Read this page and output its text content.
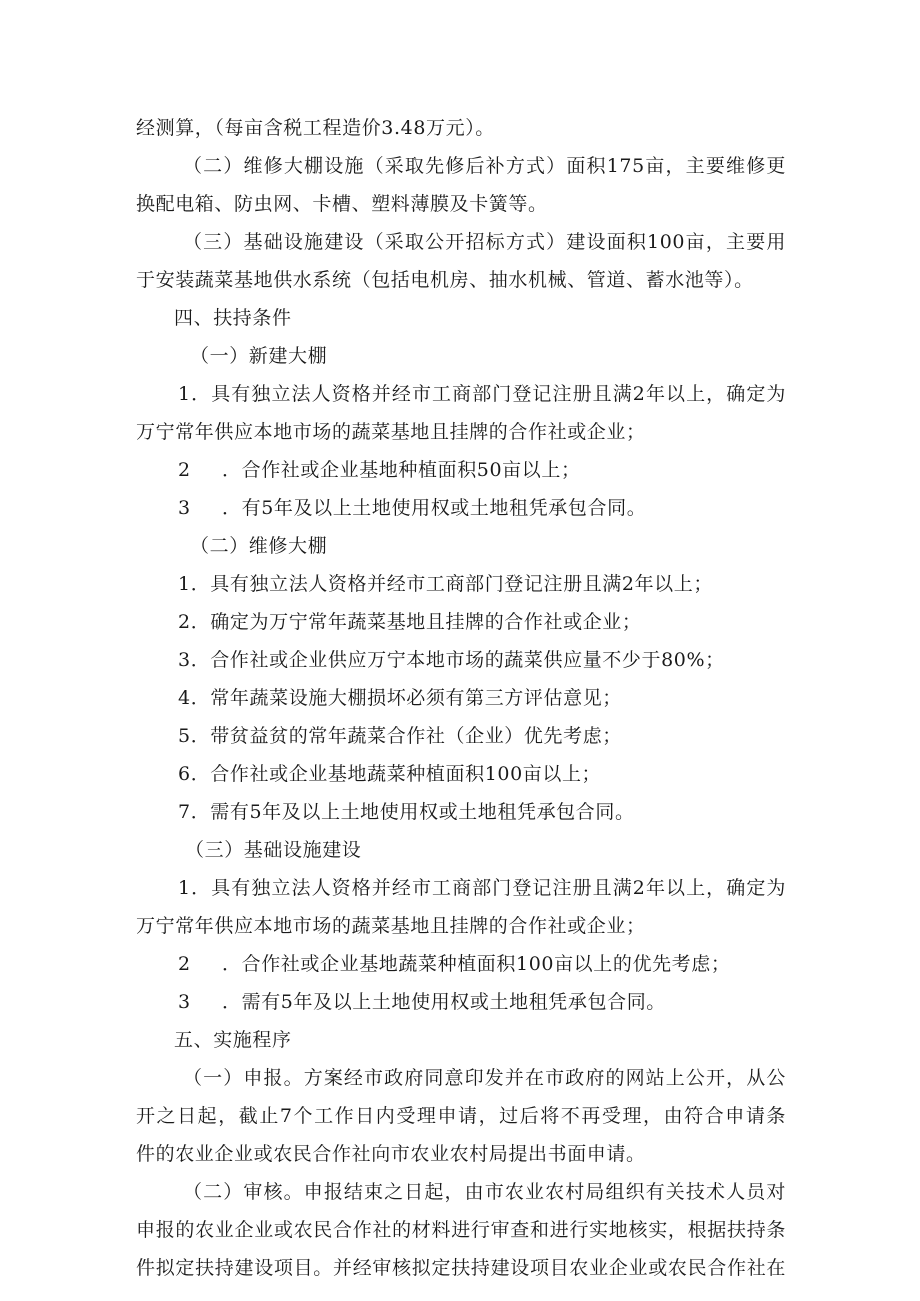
经测算，（每亩含税工程造价3.48万元）。
（二）维修大棚设施（采取先修后补方式）面积175亩，主要维修更
换配电箱、防虫网、卡槽、塑料薄膜及卡簧等。
（三）基础设施建设（采取公开招标方式）建设面积100亩，主要用
于安装蔬菜基地供水系统（包括电机房、抽水机械、管道、蓄水池等）。
四、扶持条件
（一）新建大棚
1．具有独立法人资格并经市工商部门登记注册且满2年以上，确定为
万宁常年供应本地市场的蔬菜基地且挂牌的合作社或企业；
2 ．合作社或企业基地种植面积50亩以上；
3 ．有5年及以上土地使用权或土地租凭承包合同。
（二）维修大棚
1．具有独立法人资格并经市工商部门登记注册且满2年以上；
2．确定为万宁常年蔬菜基地且挂牌的合作社或企业；
3．合作社或企业供应万宁本地市场的蔬菜供应量不少于80%；
4．常年蔬菜设施大棚损坏必须有第三方评估意见；
5．带贫益贫的常年蔬菜合作社（企业）优先考虑；
6．合作社或企业基地蔬菜种植面积100亩以上；
7．需有5年及以上土地使用权或土地租凭承包合同。
（三）基础设施建设
1．具有独立法人资格并经市工商部门登记注册且满2年以上，确定为
万宁常年供应本地市场的蔬菜基地且挂牌的合作社或企业；
2 ．合作社或企业基地蔬菜种植面积100亩以上的优先考虑；
3 ．需有5年及以上土地使用权或土地租凭承包合同。
五、实施程序
（一）申报。方案经市政府同意印发并在市政府的网站上公开，从公
开之日起，截止7个工作日内受理申请，过后将不再受理，由符合申请条
件的农业企业或农民合作社向市农业农村局提出书面申请。
（二）审核。申报结束之日起，由市农业农村局组织有关技术人员对
申报的农业企业或农民合作社的材料进行审查和进行实地核实，根据扶持条
件拟定扶持建设项目。并经审核拟定扶持建设项目农业企业或农民合作社在
